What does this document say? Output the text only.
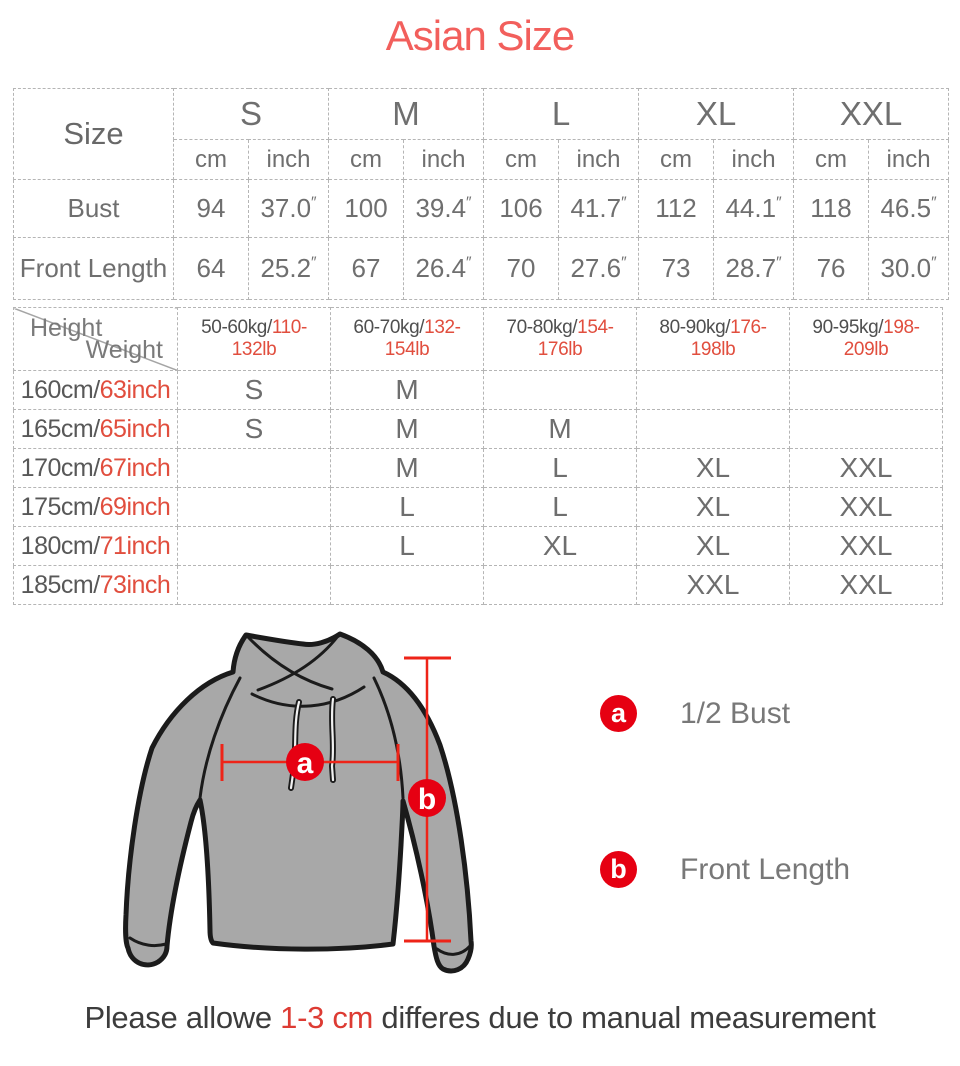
Asian Size
Size	S		M		L		XL		XXL	
	cm	inch	cm	inch	cm	inch	cm	inch	cm	inch
Bust	94	37.0″	100	39.4″	106	41.7″	112	44.1″	118	46.5″
Front Length	64	25.2″	67	26.4″	70	27.6″	73	28.7″	76	30.0″
Height
Weight	50-60kg/110-132lb	60-70kg/132-154lb	70-80kg/154-176lb	80-90kg/176-198lb	90-95kg/198-209lb
160cm/63inch	S	M			
165cm/65inch	S	M	M		
170cm/67inch		M	L	XL	XXL
175cm/69inch		L	L	XL	XXL
180cm/71inch		L	XL	XL	XXL
185cm/73inch				XXL	XXL
a
b
a	1/2 Bust
b	Front Length

Please allowe 1-3 cm differes due to manual measurement
